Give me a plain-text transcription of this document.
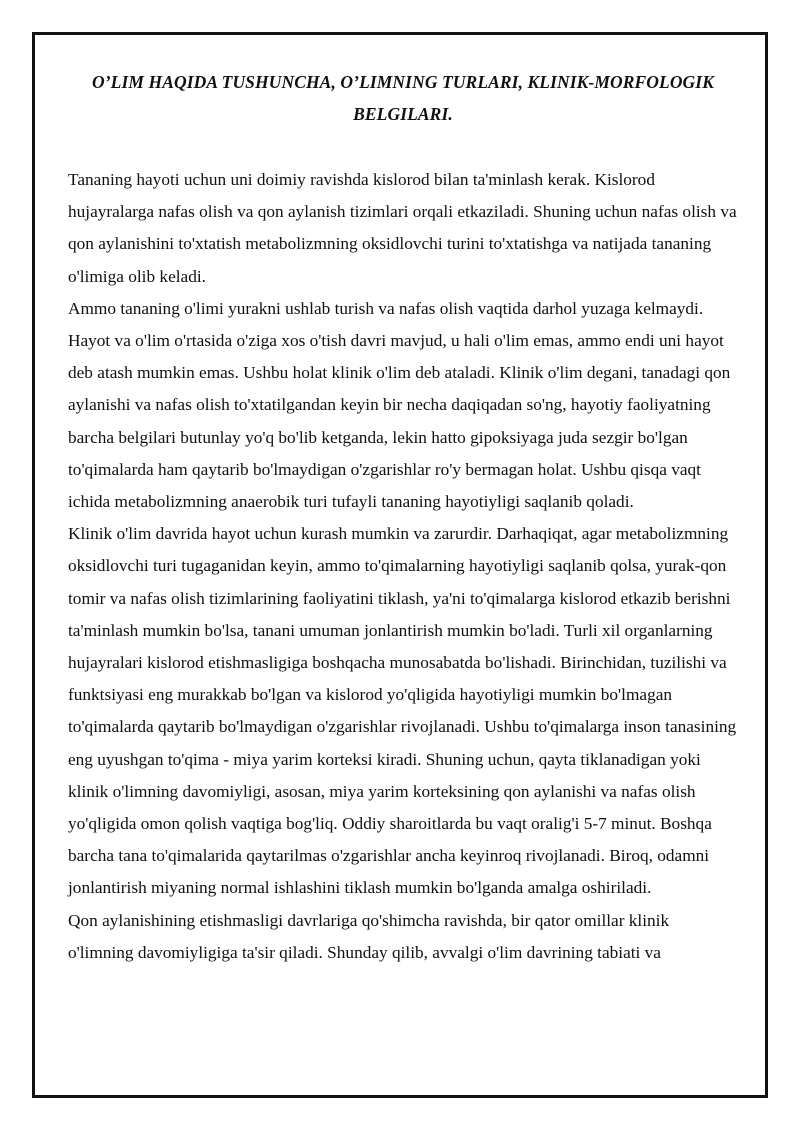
O’LIM HAQIDA TUSHUNCHA, O’LIMNING TURLARI, KLINIK-MORFOLOGIK BELGILARI.

Tananing hayoti uchun uni doimiy ravishda kislorod bilan ta'minlash kerak. Kislorod hujayralarga nafas olish va qon aylanish tizimlari orqali etkaziladi. Shuning uchun nafas olish va qon aylanishini to'xtatish metabolizmning oksidlovchi turini to'xtatishga va natijada tananing o'limiga olib keladi.

Ammo tananing o'limi yurakni ushlab turish va nafas olish vaqtida darhol yuzaga kelmaydi. Hayot va o'lim o'rtasida o'ziga xos o'tish davri mavjud, u hali o'lim emas, ammo endi uni hayot deb atash mumkin emas. Ushbu holat klinik o'lim deb ataladi. Klinik o'lim degani, tanadagi qon aylanishi va nafas olish to'xtatilgandan keyin bir necha daqiqadan so'ng, hayotiy faoliyatning barcha belgilari butunlay yo'q bo'lib ketganda, lekin hatto gipoksiyaga juda sezgir bo'lgan to'qimalarda ham qaytarib bo'lmaydigan o'zgarishlar ro'y bermagan holat. Ushbu qisqa vaqt ichida metabolizmning anaerobik turi tufayli tananing hayotiyligi saqlanib qoladi.

Klinik o'lim davrida hayot uchun kurash mumkin va zarurdir. Darhaqiqat, agar metabolizmning oksidlovchi turi tugaganidan keyin, ammo to'qimalarning hayotiyligi saqlanib qolsa, yurak-qon tomir va nafas olish tizimlarining faoliyatini tiklash, ya'ni to'qimalarga kislorod etkazib berishni ta'minlash mumkin bo'lsa, tanani umuman jonlantirish mumkin bo'ladi. Turli xil organlarning hujayralari kislorod etishmasligiga boshqacha munosabatda bo'lishadi. Birinchidan, tuzilishi va funktsiyasi eng murakkab bo'lgan va kislorod yo'qligida hayotiyligi mumkin bo'lmagan to'qimalarda qaytarib bo'lmaydigan o'zgarishlar rivojlanadi. Ushbu to'qimalarga inson tanasining eng uyushgan to'qima - miya yarim korteksi kiradi. Shuning uchun, qayta tiklanadigan yoki klinik o'limning davomiyligi, asosan, miya yarim korteksining qon aylanishi va nafas olish yo'qligida omon qolish vaqtiga bog'liq. Oddiy sharoitlarda bu vaqt oralig'i 5-7 minut. Boshqa barcha tana to'qimalarida qaytarilmas o'zgarishlar ancha keyinroq rivojlanadi. Biroq, odamni jonlantirish miyaning normal ishlashini tiklash mumkin bo'lganda amalga oshiriladi.

Qon aylanishining etishmasligi davrlariga qo'shimcha ravishda, bir qator omillar klinik o'limning davomiyligiga ta'sir qiladi. Shunday qilib, avvalgi o'lim davrining tabiati va
